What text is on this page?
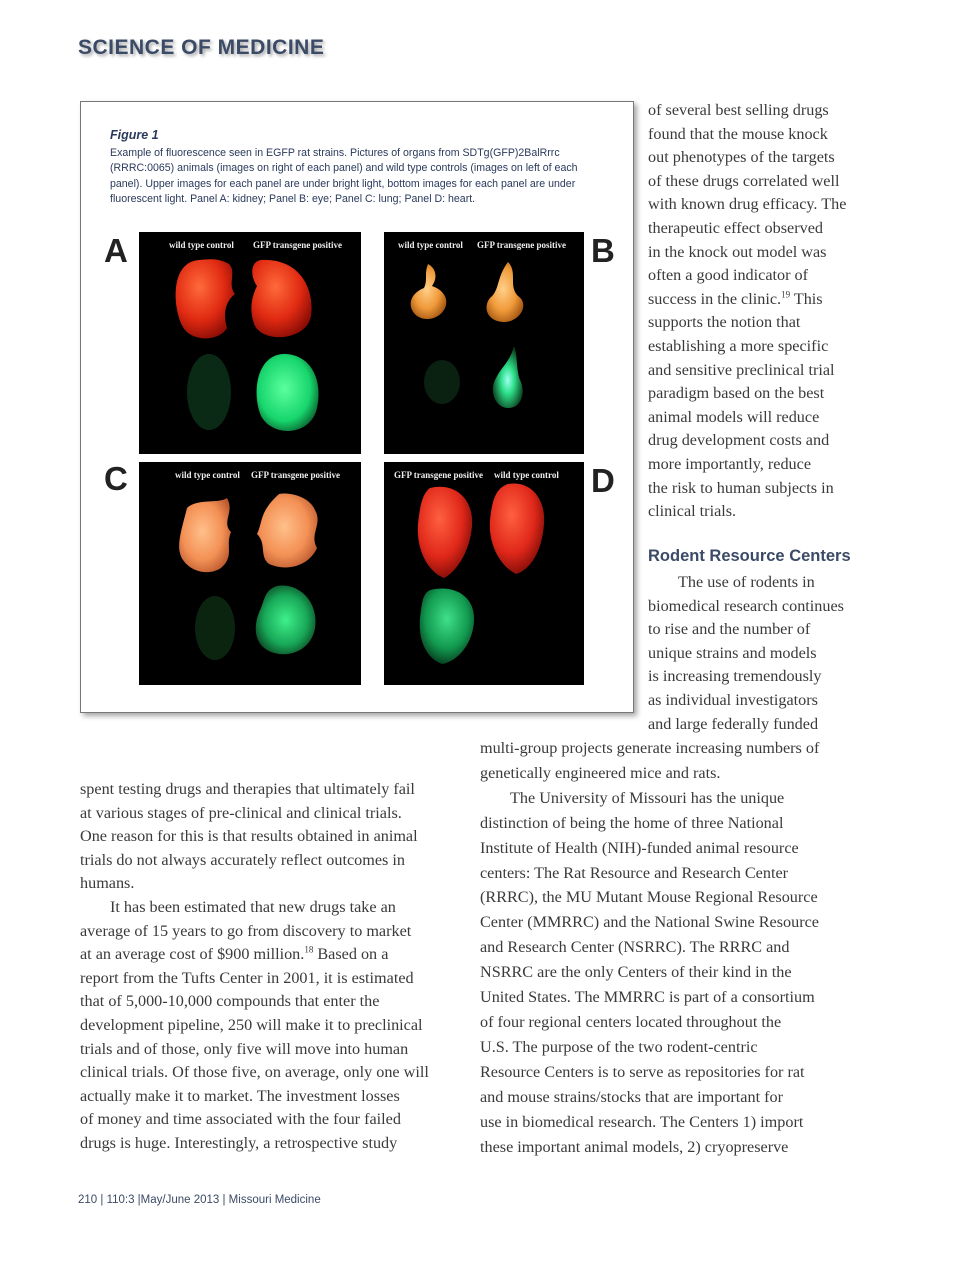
SCIENCE OF MEDICINE
Figure 1

Example of fluorescence seen in EGFP rat strains. Pictures of organs from SDTg(GFP)2BalRrrc (RRRC:0065) animals (images on right of each panel) and wild type controls (images on left of each panel). Upper images for each panel are under bright light, bottom images for each panel are under fluorescent light. Panel A: kidney; Panel B: eye; Panel C: lung; Panel D: heart.

A	wild type control GFP transgene positive	wild type control GFP transgene positive B
C	wild type control GFP transgene positive	GFP transgene positive wild type control D

of several best selling drugs

found that the mouse knock

out phenotypes of the targets

of these drugs correlated well

with known drug efficacy. The

therapeutic effect observed

in the knock out model was

often a good indicator of

success in the clinic.$^{19}$ This

supports the notion that

establishing a more specific

and sensitive preclinical trial

paradigm based on the best

animal models will reduce

drug development costs and

more importantly, reduce

the risk to human subjects in

clinical trials.

Rodent Resource Centers

The use of rodents in

biomedical research continues

to rise and the number of

unique strains and models

is increasing tremendously

as individual investigators

and large federally funded

multi-group projects generate increasing numbers of

genetically engineered mice and rats.

The University of Missouri has the unique

distinction of being the home of three National

Institute of Health (NIH)-funded animal resource

centers: The Rat Resource and Research Center

(RRRC), the MU Mutant Mouse Regional Resource

Center (MMRRC) and the National Swine Resource

and Research Center (NSRRC). The RRRC and

NSRRC are the only Centers of their kind in the

United States. The MMRRC is part of a consortium

of four regional centers located throughout the

U.S. The purpose of the two rodent-centric

Resource Centers is to serve as repositories for rat

and mouse strains/stocks that are important for

use in biomedical research. The Centers 1) import

these important animal models, 2) cryopreserve

spent testing drugs and therapies that ultimately fail

at various stages of pre-clinical and clinical trials.

One reason for this is that results obtained in animal

trials do not always accurately reflect outcomes in

humans.

It has been estimated that new drugs take an

average of 15 years to go from discovery to market

at an average cost of $900 million.$^{18}$ Based on a

report from the Tufts Center in 2001, it is estimated

that of 5,000-10,000 compounds that enter the

development pipeline, 250 will make it to preclinical

trials and of those, only five will move into human

clinical trials. Of those five, on average, only one will

actually make it to market. The investment losses

of money and time associated with the four failed

drugs is huge. Interestingly, a retrospective study

210 | 110:3 |May/June 2013 | Missouri Medicine
